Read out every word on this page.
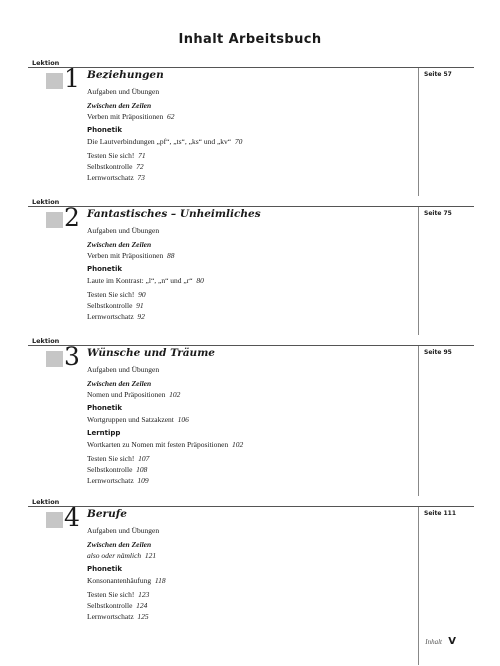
Inhalt Arbeitsbuch
Lektion
1 Beziehungen	Seite 57
Aufgaben und Übungen
Zwischen den Zeilen
Verben mit Präpositionen 62
Phonetik
Die Lautverbindungen „pf“, „ts“, „ks“ und „kv“ 70
Testen Sie sich! 71
Selbstkontrolle 72
Lernwortschatz 73
Lektion
2 Fantastisches – Unheimliches	Seite 75
Aufgaben und Übungen
Zwischen den Zeilen
Verben mit Präpositionen 88
Phonetik
Laute im Kontrast: „l“, „n“ und „r“ 80
Testen Sie sich! 90
Selbstkontrolle 91
Lernwortschatz 92
Lektion
3 Wünsche und Träume	Seite 95
Aufgaben und Übungen
Zwischen den Zeilen
Nomen und Präpositionen 102
Phonetik
Wortgruppen und Satzakzent 106
Lerntipp
Wortkarten zu Nomen mit festen Präpositionen 102
Testen Sie sich! 107
Selbstkontrolle 108
Lernwortschatz 109
Lektion
4 Berufe	Seite 111
Aufgaben und Übungen
Zwischen den Zeilen
also oder nämlich 121
Phonetik
Konsonantenhäufung 118
Testen Sie sich! 123
Selbstkontrolle 124
Lernwortschatz 125
Inhalt V
